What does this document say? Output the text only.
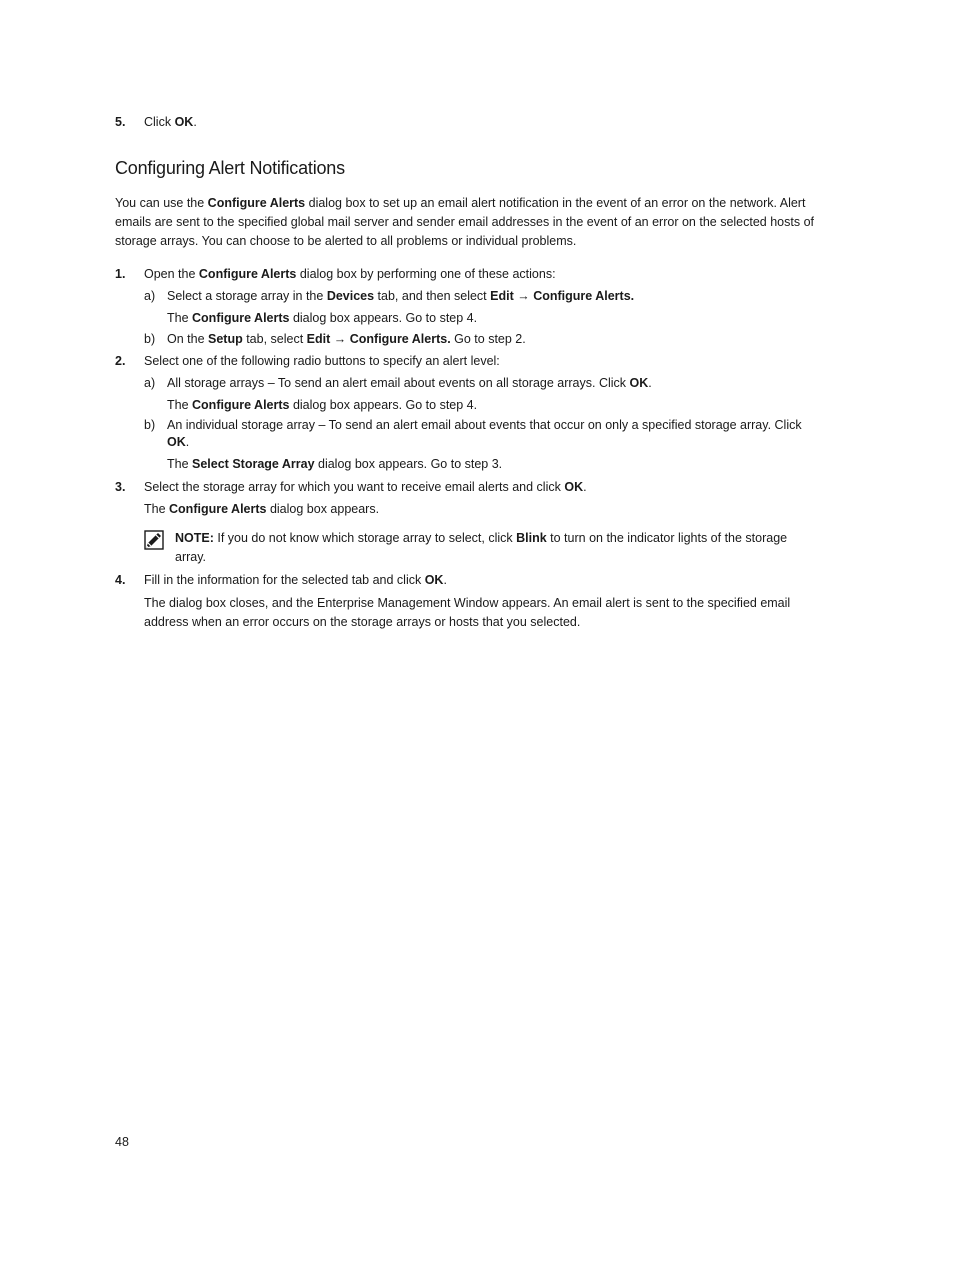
5. Click OK.

Configuring Alert Notifications

You can use the Configure Alerts dialog box to set up an email alert notification in the event of an error on the network. Alert emails are sent to the specified global mail server and sender email addresses in the event of an error on the selected hosts of storage arrays. You can choose to be alerted to all problems or individual problems.

1. Open the Configure Alerts dialog box by performing one of these actions:

a) Select a storage array in the Devices tab, and then select Edit → Configure Alerts.

The Configure Alerts dialog box appears. Go to step 4.

b) On the Setup tab, select Edit → Configure Alerts. Go to step 2.

2. Select one of the following radio buttons to specify an alert level:

a) All storage arrays – To send an alert email about events on all storage arrays. Click OK.

The Configure Alerts dialog box appears. Go to step 4.

b) An individual storage array – To send an alert email about events that occur on only a specified storage array. Click OK.

The Select Storage Array dialog box appears. Go to step 3.

3. Select the storage array for which you want to receive email alerts and click OK.

The Configure Alerts dialog box appears.

NOTE: If you do not know which storage array to select, click Blink to turn on the indicator lights of the storage array.

4. Fill in the information for the selected tab and click OK.

The dialog box closes, and the Enterprise Management Window appears. An email alert is sent to the specified email address when an error occurs on the storage arrays or hosts that you selected.

48
